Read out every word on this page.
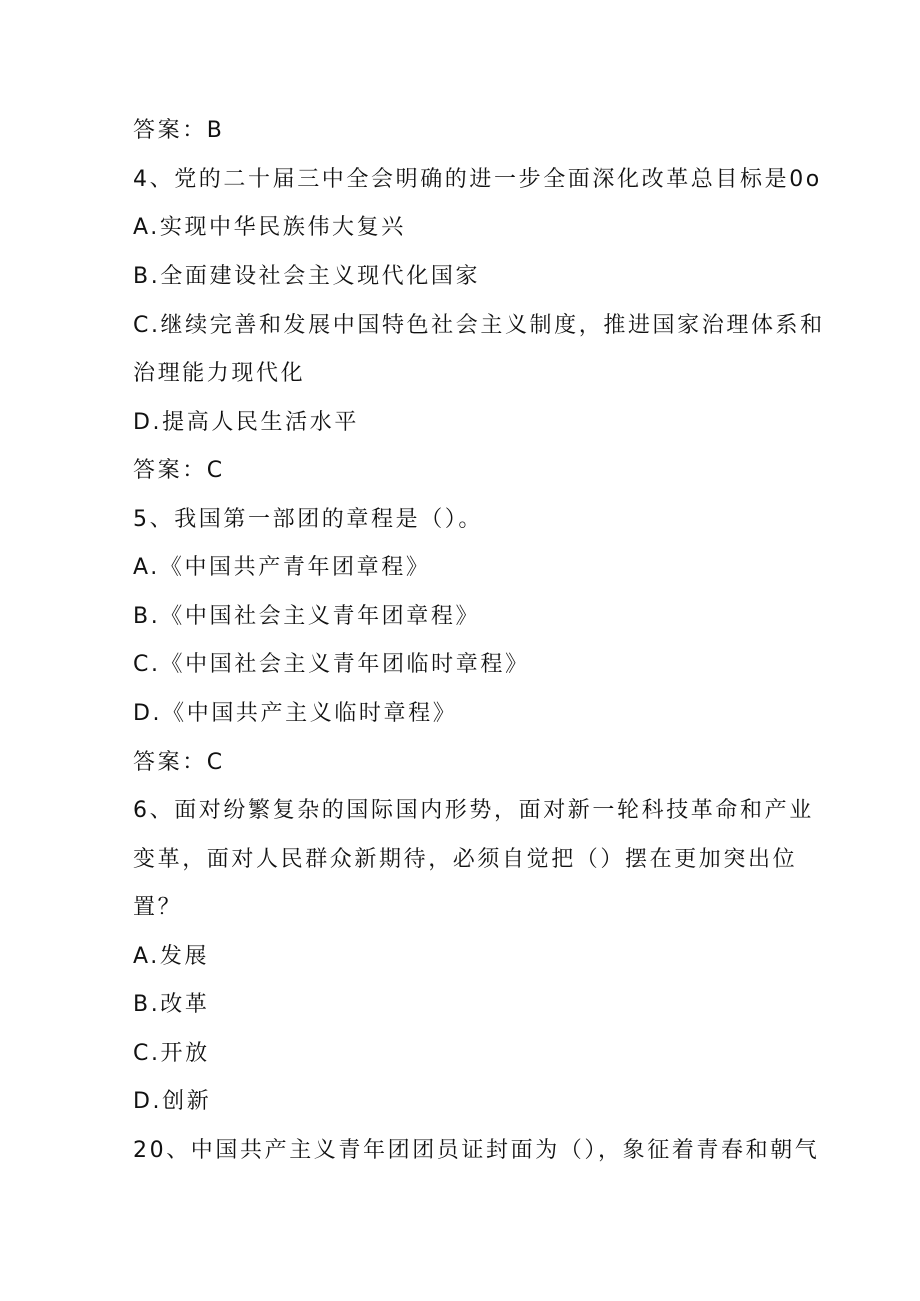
答案：B
4、党的二十届三中全会明确的进一步全面深化改革总目标是0o
A.实现中华民族伟大复兴
B.全面建设社会主义现代化国家
C.继续完善和发展中国特色社会主义制度，推进国家治理体系和
治理能力现代化
D.提高人民生活水平
答案：C
5、我国第一部团的章程是（）。
A.《中国共产青年团章程》
B.《中国社会主义青年团章程》
C.《中国社会主义青年团临时章程》
D.《中国共产主义临时章程》
答案：C
6、面对纷繁复杂的国际国内形势，面对新一轮科技革命和产业
变革，面对人民群众新期待，必须自觉把（）摆在更加突出位
置？
A.发展
B.改革
C.开放
D.创新
20、中国共产主义青年团团员证封面为（），象征着青春和朝气
